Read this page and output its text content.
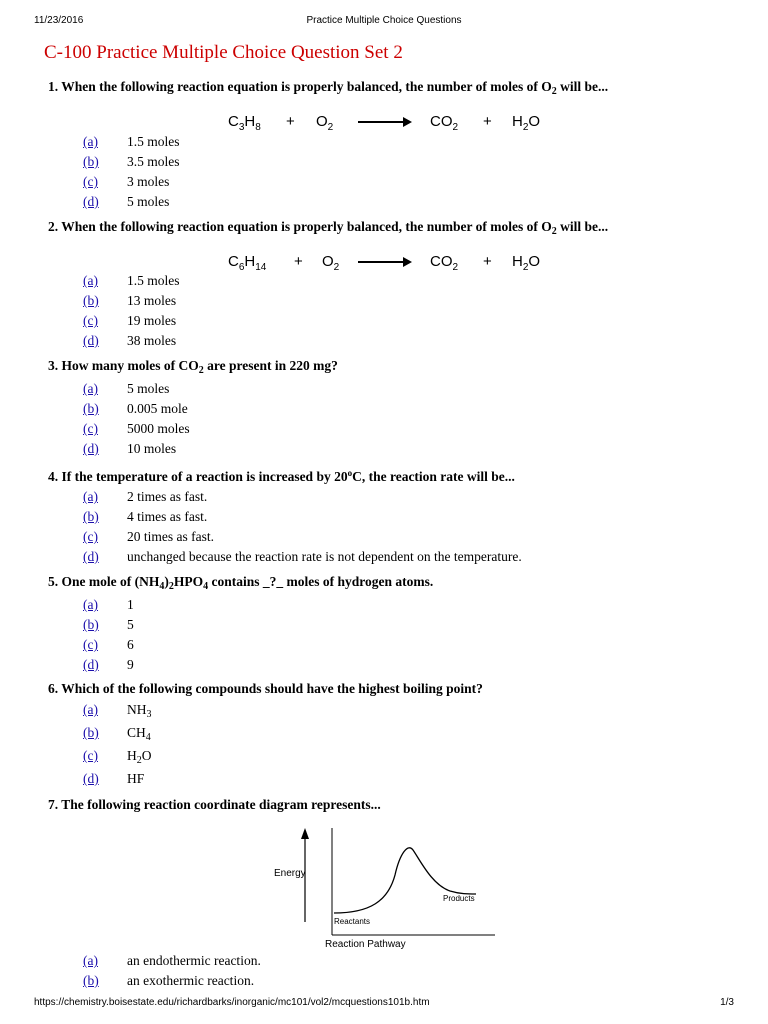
11/23/2016	Practice Multiple Choice Questions
C-100 Practice Multiple Choice Question Set 2

1. When the following reaction equation is properly balanced, the number of moles of $O_2$ will be...

$C_3H_8 + O_2 \to CO_2 + H_2O$
(a) 1.5 moles
(b) 3.5 moles
(c) 3 moles
(d) 5 moles

2. When the following reaction equation is properly balanced, the number of moles of $O_2$ will be...

$C_6H_{14} + O_2 \to CO_2 + H_2O$
(a) 1.5 moles
(b) 13 moles
(c) 19 moles
(d) 38 moles

3. How many moles of $CO_2$ are present in 220 mg?

(a) 5 moles
(b) 0.005 mole
(c) 5000 moles
(d) 10 moles

4. If the temperature of a reaction is increased by 20$^o$C, the reaction rate will be...

(a) 2 times as fast.
(b) 4 times as fast.
(c) 20 times as fast.
(d) unchanged because the reaction rate is not dependent on the temperature.

5. One mole of $(NH_4)_2HPO_4$ contains _?_ moles of hydrogen atoms.

(a) 1
(b) 5
(c) 6
(d) 9

6. Which of the following compounds should have the highest boiling point?

(a) $NH_3$
(b) $CH_4$
(c) $H_2O$
(d) HF

7. The following reaction coordinate diagram represents...

Energy
Reactants
Products
Reaction Pathway
(a) an endothermic reaction.
(b) an exothermic reaction.
https://chemistry.boisestate.edu/richardbarks/inorganic/mc101/vol2/mcquestions101b.htm	1/3
